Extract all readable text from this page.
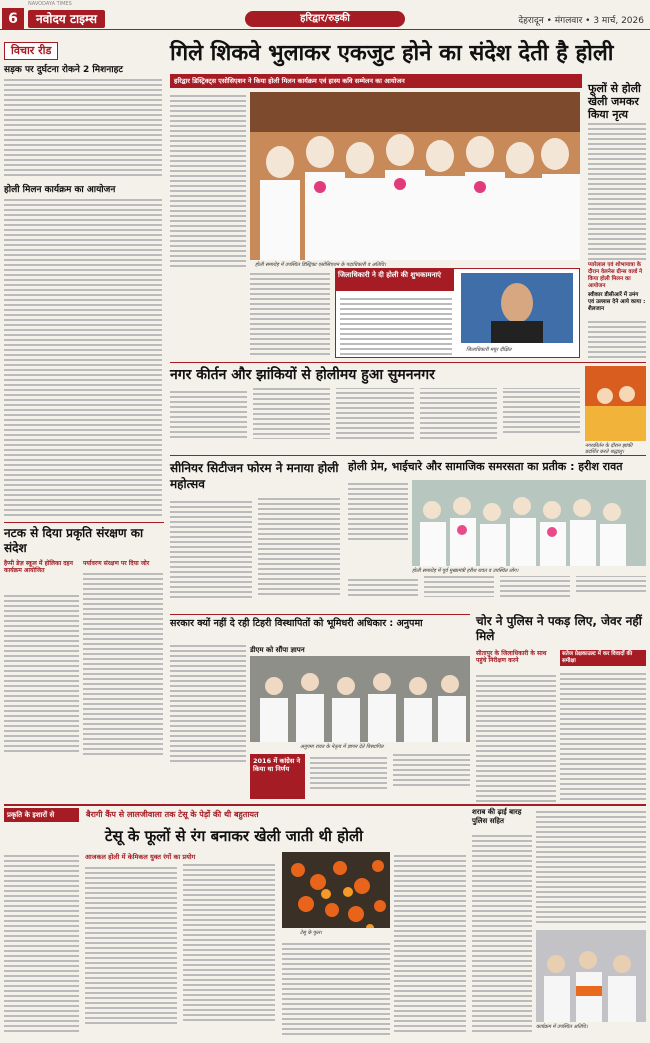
6	नवोदय टाइम्स	हरिद्वार/रुड़की	देहरादून • मंगलवार • 3 मार्च, 2026
NAVODAYA TIMES
विचार रीड
सड़क पर दुर्घटना रोकने 2 मिशनाहट
होली मिलन कार्यक्रम का आयोजन
गिले शिकवे भुलाकर एकजुट होने का संदेश देती है होली
हरिद्वार डिस्ट्रिक्ट्स एसोसिएशन ने किया होली मिलन कार्यक्रम एवं हास्य कवि सम्मेलन का आयोजन
होली समारोह में उपस्थित डिस्ट्रिक्ट एसोसिएशन के पदाधिकारी व अतिथि।
जिलाधिकारी ने दी होली की शुभकामनाएं
जिलाधिकारी मयूर दीक्षित
फूलों से होली खेली जमकर किया नृत्य
प्यारेलाल एवं शोभायात्रा के दौरान वेलनेस ग्रीन्स वर्ल्ड ने किया होली मिलन का आयोजन
स्वीकार डीसीआरें में उमंग एवं उल्लास देने आये काया : शैलजान
नगर कीर्तन और झांकियों से होलीमय हुआ सुमननगर
नगरकीर्तन के दौरान झांकी प्रदर्शित करते श्रद्धालु।
नटक से दिया प्रकृति संरक्षण का संदेश
हैप्पी डेज़ स्कूल में होलिका दहन कार्यक्रम आयोजित
पर्यावरण संरक्षण पर दिया जोर
सीनियर सिटीजन फोरम ने मनाया होली महोत्सव
होली प्रेम, भाईचारे और सामाजिक समरसता का प्रतीक : हरीश रावत
होली समारोह में पूर्व मुख्यमंत्री हरीश रावत व उपस्थित लोग।
सरकार क्यों नहीं दे रही टिहरी विस्थापितों को भूमिधरी अधिकार : अनुपमा
डीएम को सौंपा ज्ञापन
अनुपमा रावत के नेतृत्व में ज्ञापन देते विस्थापित
2016 में कांग्रेस ने किया था निर्णय
चोर ने पुलिस ने पकड़ लिए, जेवर नहीं मिले
सीतापुर के जिलाधिकारी के साथ पहुंचे निरीक्षण करने
सतेज प्रेक्षकाउल्ट में कर विवादों की समीक्षा
प्रकृति के इशारों से	बैरागी कैंप से लालजीवाला तक टेसू के पेड़ों की थी बहुतायत
टेसू के फूलों से रंग बनाकर खेली जाती थी होली
आजकल होली में केमिकल युक्त रंगों का प्रयोग
टेसू के फूल।
शराब की ढ़ाई बारह पुलिस सहित
कार्यक्रम में उपस्थित अतिथि।
